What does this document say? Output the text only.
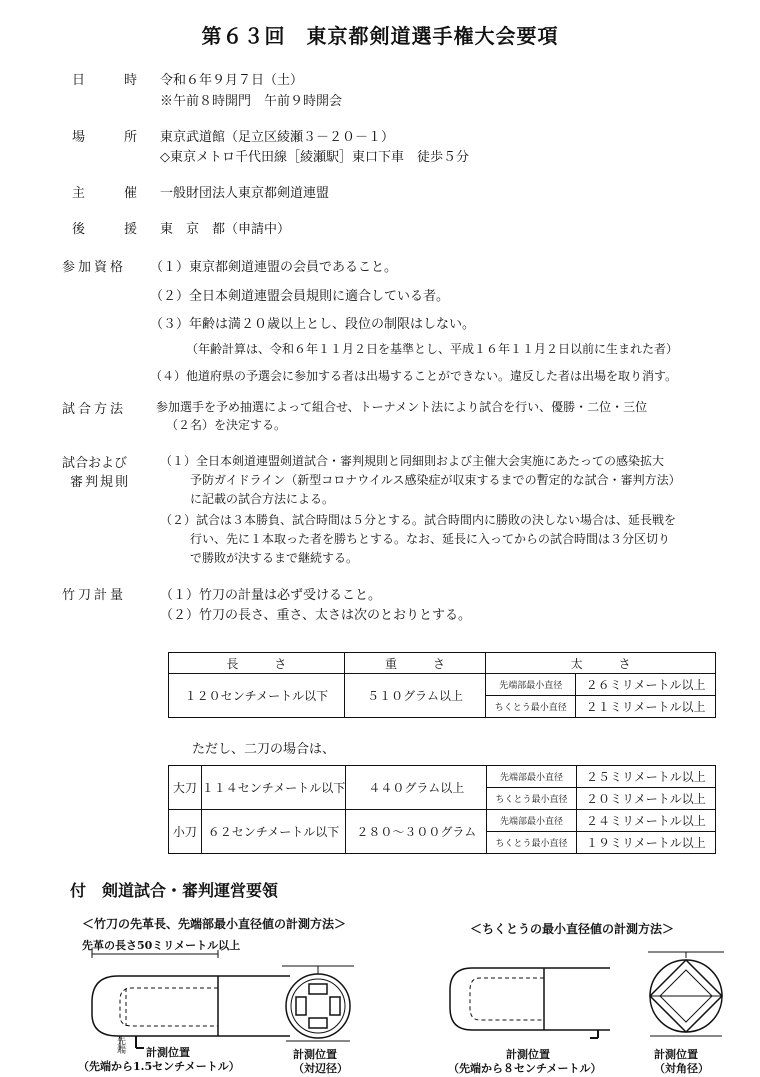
第６３回　東京都剣道選手権大会要項
日　　　時 令和６年９月７日（土）
※午前８時開門　午前９時開会
場　　　所 東京武道館（足立区綾瀬３－２０－１）
◇東京メトロ千代田線［綾瀬駅］東口下車　徒歩５分
主　　　催 一般財団法人東京都剣道連盟
後　　　援 東　京　都（申請中）
参加資格 （１）東京都剣道連盟の会員であること。
（２）全日本剣道連盟会員規則に適合している者。
（３）年齢は満２０歳以上とし、段位の制限はしない。
（年齢計算は、令和６年１１月２日を基準とし、平成１６年１１月２日以前に生まれた者）
（４）他道府県の予選会に参加する者は出場することができない。違反した者は出場を取り消す。
試合方法 参加選手を予め抽選によって組合せ、トーナメント法により試合を行い、優勝・二位・三位
（２名）を決定する。
試合および
審判規則
（１）全日本剣道連盟剣道試合・審判規則と同細則および主催大会実施にあたっての感染拡大
予防ガイドライン（新型コロナウイルス感染症が収束するまでの暫定的な試合・審判方法）
に記載の試合方法による。
（２）試合は３本勝負、試合時間は５分とする。試合時間内に勝敗の決しない場合は、延長戦を
行い、先に１本取った者を勝ちとする。なお、延長に入ってからの試合時間は３分区切り
で勝敗が決するまで継続する。
竹刀計量	（１）竹刀の計量は必ず受けること。
（２）竹刀の長さ、重さ、太さは次のとおりとする。
長　　　さ	重　　　さ	太　　　さ	
１２０センチメートル以下	５１０グラム以上	先端部最小直径	２６ミリメートル以上
		ちくとう最小直径	２１ミリメートル以上
ただし、二刀の場合は、
大刀	１１４センチメートル以下	４４０グラム以上	先端部最小直径	２５ミリメートル以上
			ちくとう最小直径	２０ミリメートル以上
小刀	６２センチメートル以下	２８０～３００グラム	先端部最小直径	２４ミリメートル以上
			ちくとう最小直径	１９ミリメートル以上
付　剣道試合・審判運営要領
＜竹刀の先革長、先端部最小直径値の計測方法＞	＜ちくとうの最小直径値の計測方法＞
先革の長さ50ミリメートル以上
先端 計測位置
（先端から1.5センチメートル）
計測位置
（対辺径）
計測位置
（先端から８センチメートル）
計測位置
（対角径）
